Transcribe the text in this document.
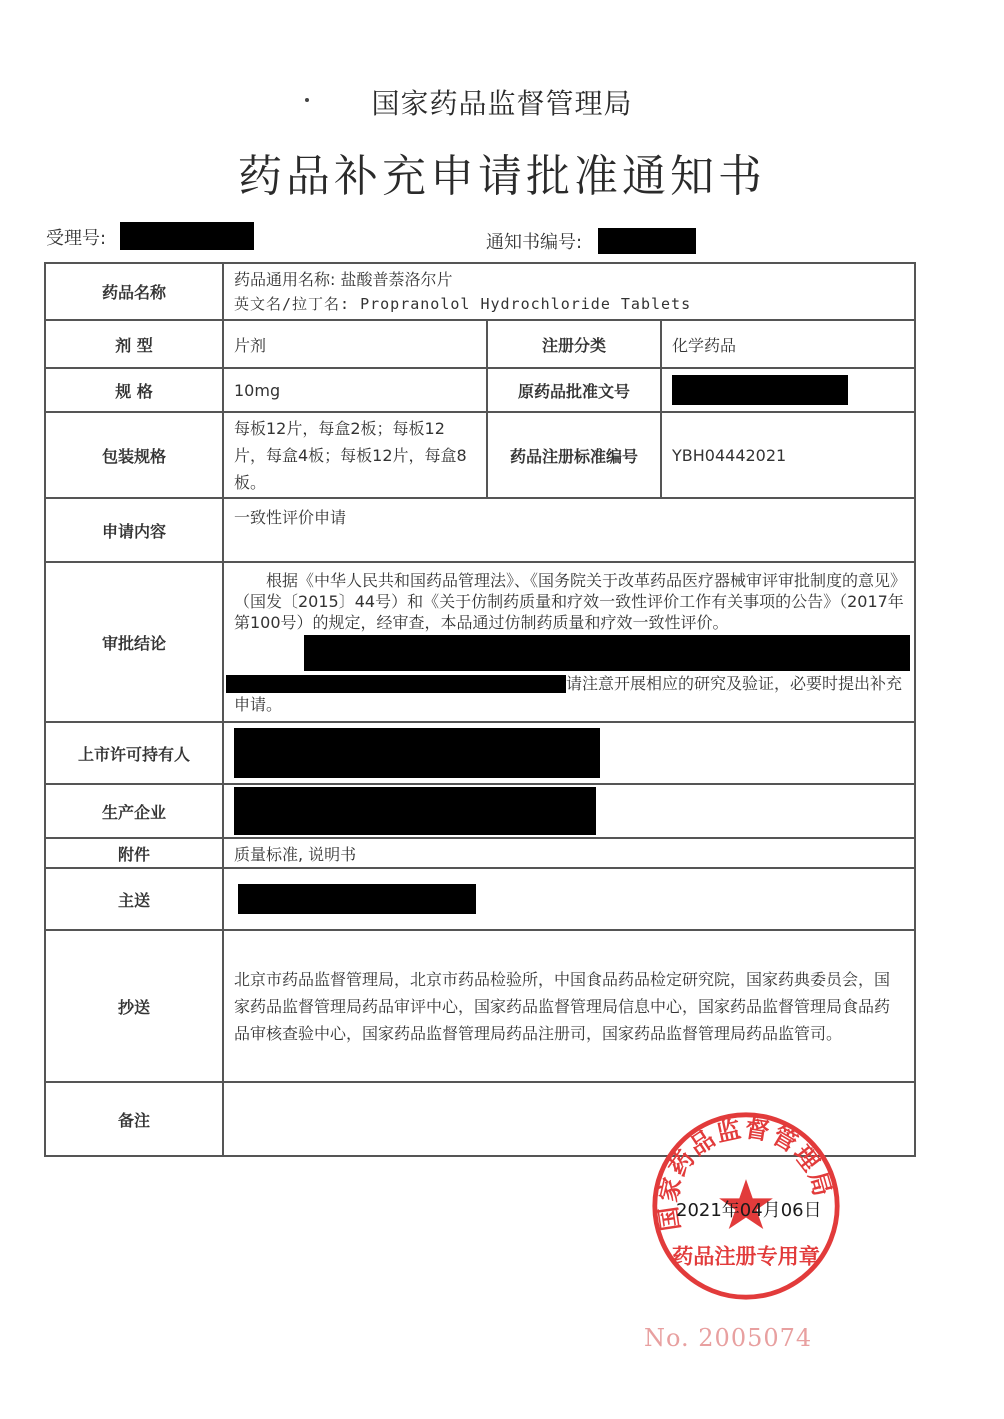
国家药品监督管理局
药品补充申请批准通知书
受理号:	通知书编号:
药品名称	药品通用名称: 盐酸普萘洛尔片
英文名/拉丁名: Propranolol Hydrochloride Tablets		

剂 型	片剂	注册分类	化学药品
规 格	10mg	原药品批准文号	
包装规格	每板12片，每盒2板；每板12片，每盒4板；每板12片，每盒8板。	药品注册标准编号	YBH04442021
申请内容	一致性评价申请		
审批结论	根据《中华人民共和国药品管理法》、《国务院关于改革药品医疗器械审评审批制度的意见》（国发〔2015〕44号）和《关于仿制药质量和疗效一致性评价工作有关事项的公告》（2017年第100号）的规定，经审查，本品通过仿制药质量和疗效一致性评价。
请注意开展相应的研究及验证，必要时提出补充申请。		

上市许可持有人			
生产企业			
附件	质量标准, 说明书		
主送			
抄送	北京市药品监督管理局，北京市药品检验所，中国食品药品检定研究院，国家药典委员会，国家药品监督管理局药品审评中心，国家药品监督管理局信息中心，国家药品监督管理局食品药品审核查验中心，国家药品监督管理局药品注册司，国家药品监督管理局药品监管司。		
备注			
国家药品监督管理局
药品注册专用章
2021年04月06日
No. 2005074
